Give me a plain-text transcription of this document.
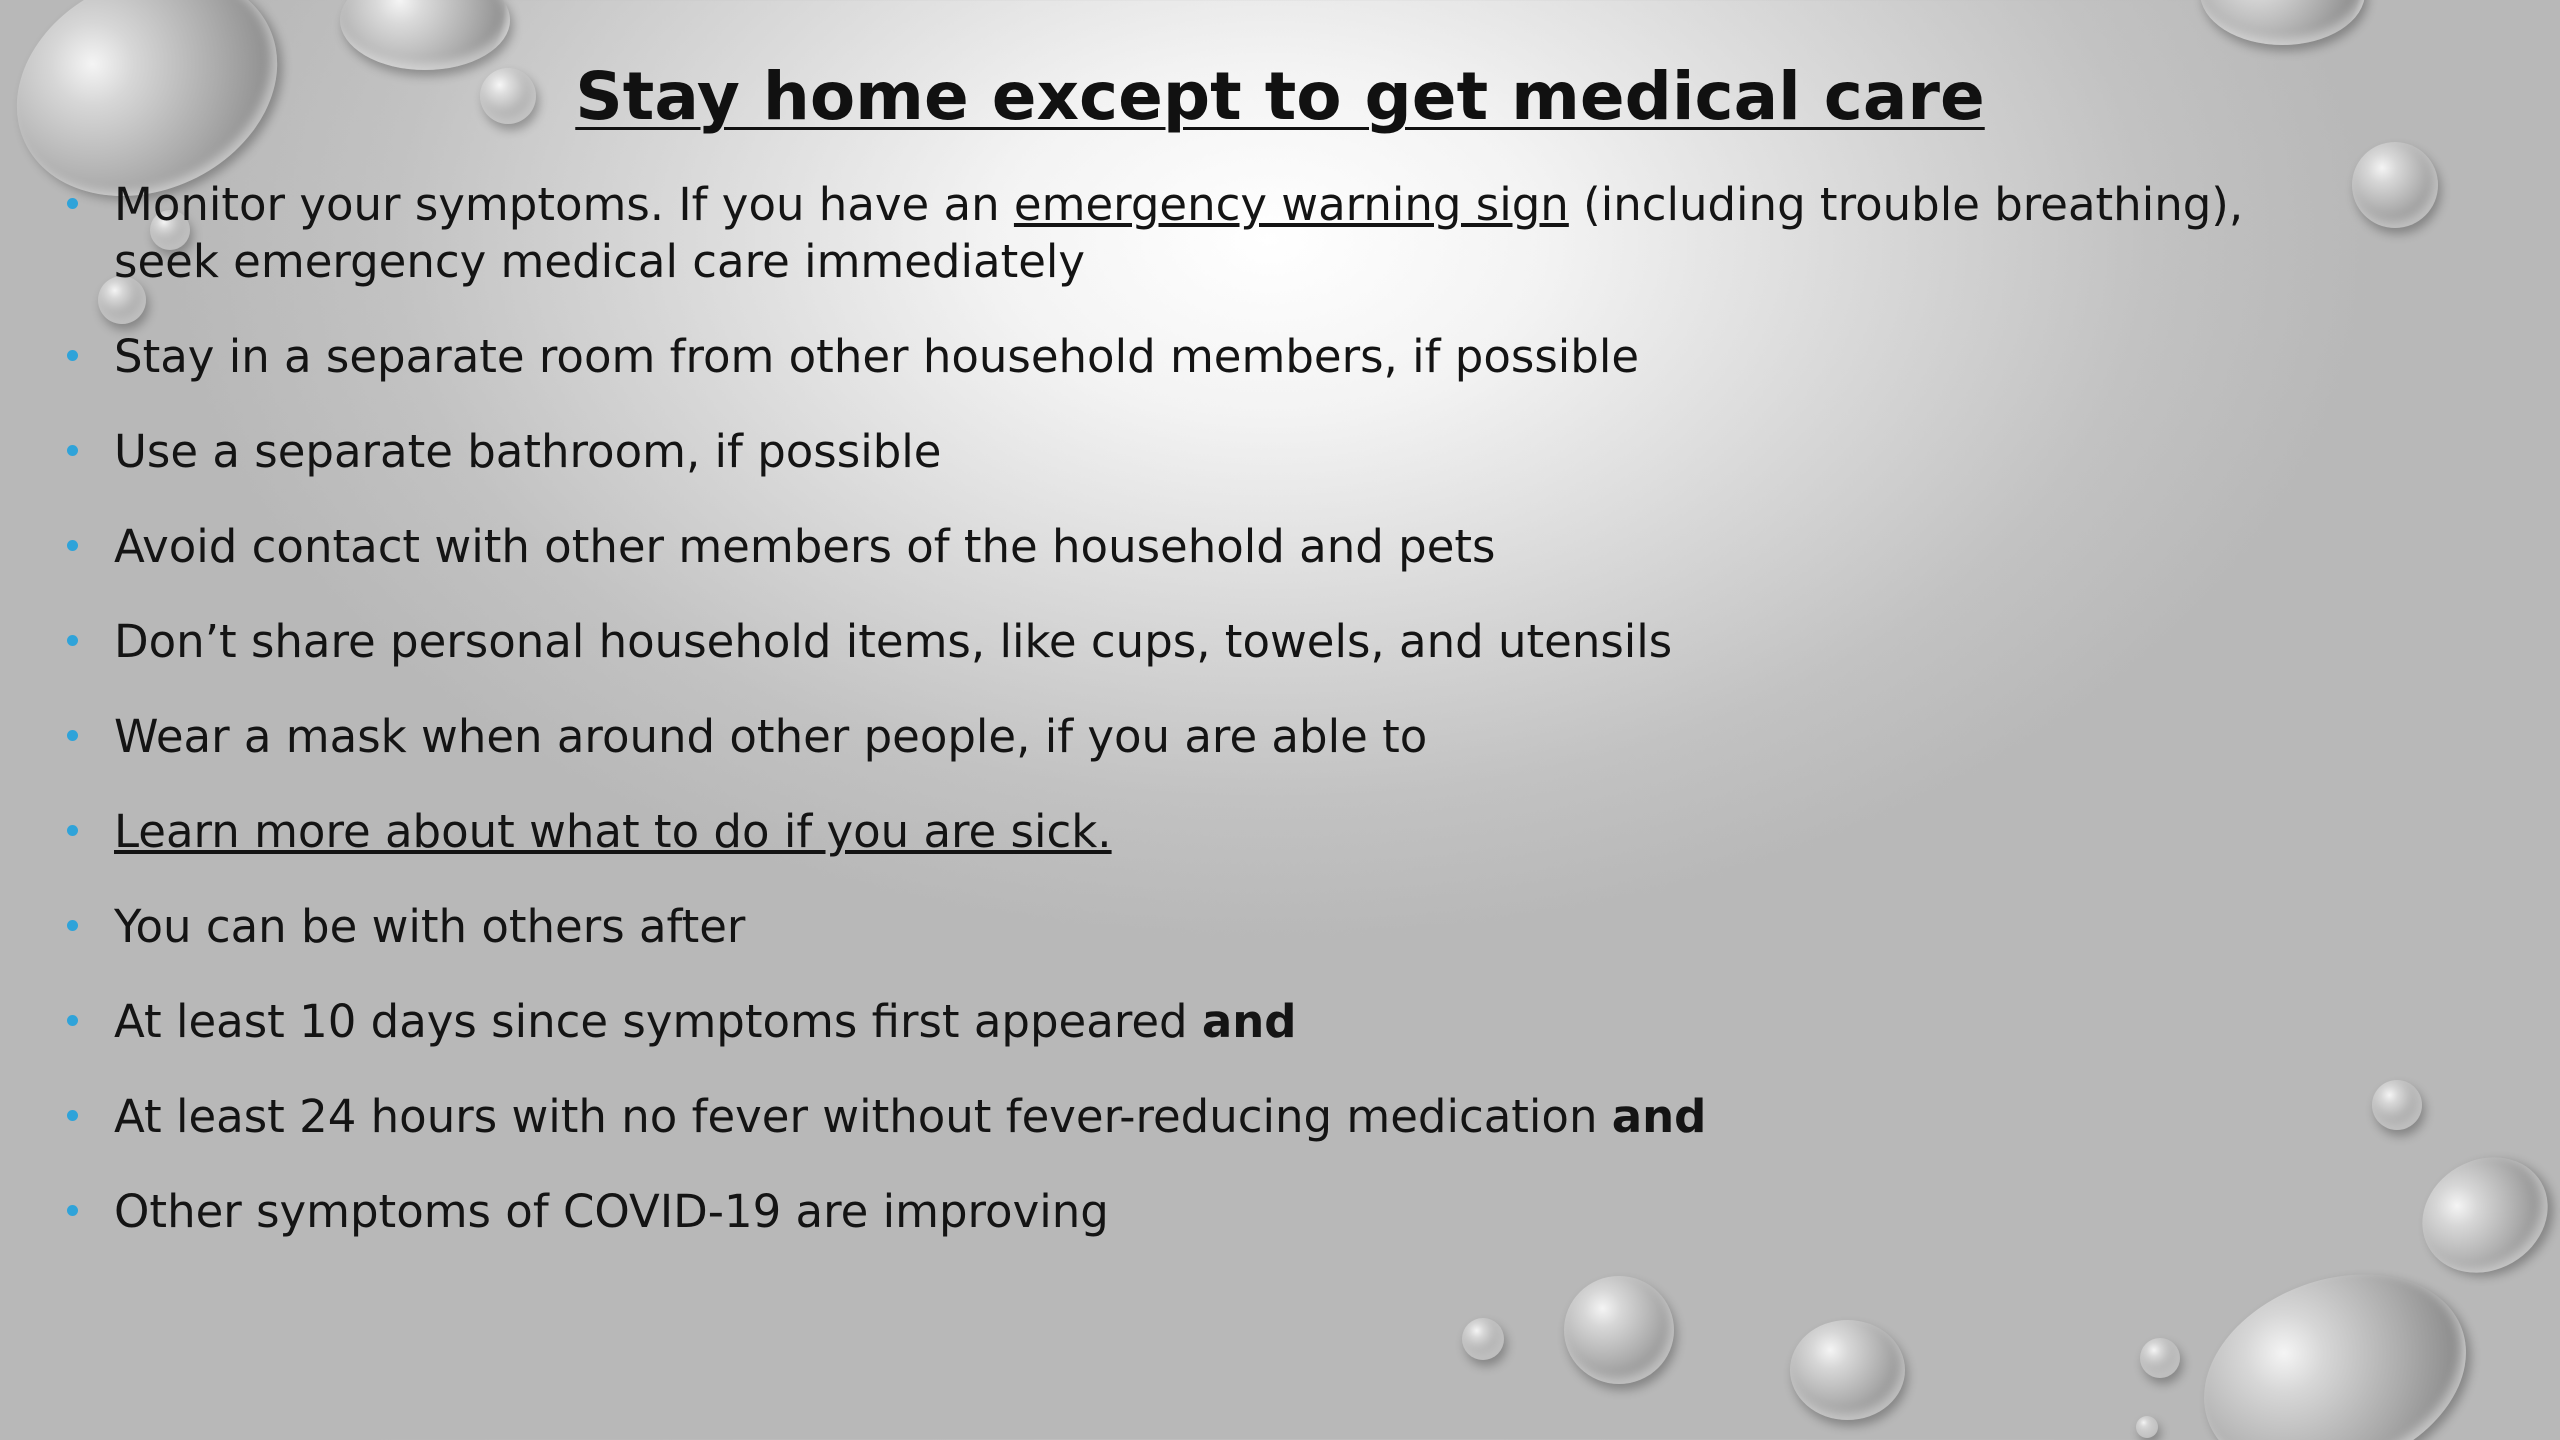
Stay home except to get medical care
Monitor your symptoms. If you have an emergency warning sign (including trouble breathing), seek emergency medical care immediately
Stay in a separate room from other household members, if possible
Use a separate bathroom, if possible
Avoid contact with other members of the household and pets
Don’t share personal household items, like cups, towels, and utensils
Wear a mask when around other people, if you are able to
Learn more about what to do if you are sick.
You can be with others after
At least 10 days since symptoms first appeared and
At least 24 hours with no fever without fever-reducing medication and
Other symptoms of COVID-19 are improving
